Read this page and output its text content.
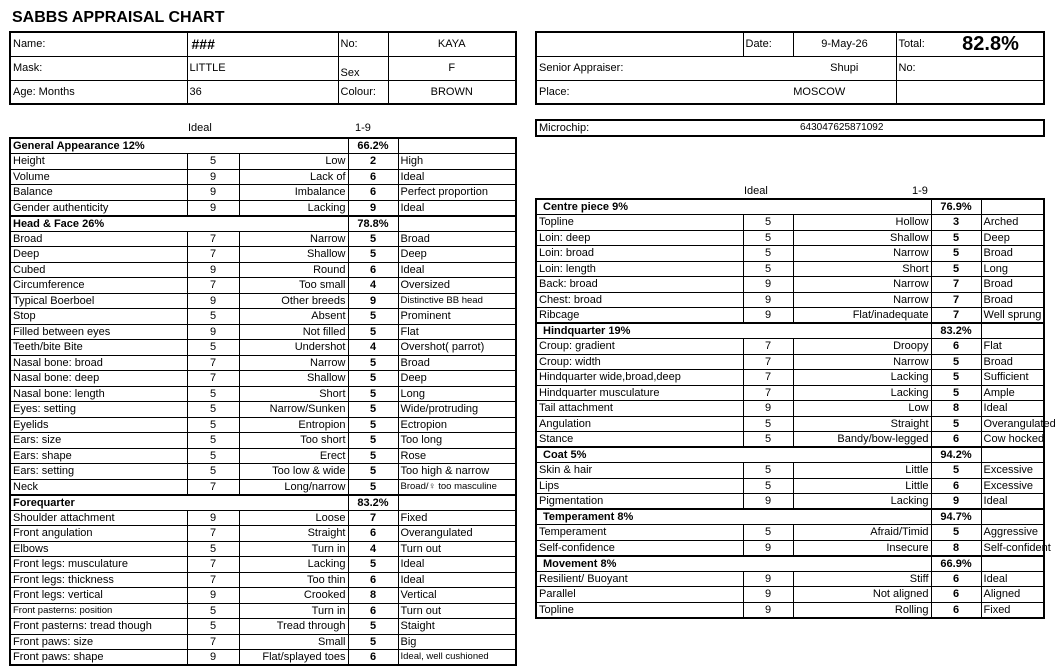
SABBS APPRAISAL CHART
Name:	###	No:	KAYA
Mask:	LITTLE	Sex	F
Age: Months	36	Colour:	BROWN
	Date:	9-May-26	Total:	82.8%
Senior Appraiser:		Shupi	No:	
Place:	MOSCOW			
Microchip:	643047625871092
Ideal	1-9
Ideal	1-9
General Appearance 12%			66.2%	
Height	5	Low	2	High
Volume	9	Lack of	6	Ideal
Balance	9	Imbalance	6	Perfect proportion
Gender authenticity	9	Lacking	9	Ideal
Head & Face 26%			78.8%	
Broad	7	Narrow	5	Broad
Deep	7	Shallow	5	Deep
Cubed	9	Round	6	Ideal
Circumference	7	Too small	4	Oversized
Typical Boerboel	9	Other breeds	9	Distinctive BB head
Stop	5	Absent	5	Prominent
Filled between eyes	9	Not filled	5	Flat
Teeth/bite Bite	5	Undershot	4	Overshot( parrot)
Nasal bone: broad	7	Narrow	5	Broad
Nasal bone: deep	7	Shallow	5	Deep
Nasal bone: length	5	Short	5	Long
Eyes: setting	5	Narrow/Sunken	5	Wide/protruding
Eyelids	5	Entropion	5	Ectropion
Ears: size	5	Too short	5	Too long
Ears: shape	5	Erect	5	Rose
Ears: setting	5	Too low & wide	5	Too high & narrow
Neck	7	Long/narrow	5	Broad/♀ too masculine
Forequarter			83.2%	
Shoulder attachment	9	Loose	7	Fixed
Front angulation	7	Straight	6	Overangulated
Elbows	5	Turn in	4	Turn out
Front legs: musculature	7	Lacking	5	Ideal
Front legs: thickness	7	Too thin	6	Ideal
Front legs: vertical	9	Crooked	8	Vertical
Front pasterns: position	5	Turn in	6	Turn out
Front pasterns: tread though	5	Tread through	5	Staight
Front paws: size	7	Small	5	Big
Front paws: shape	9	Flat/splayed toes	6	Ideal, well cushioned
Centre piece 9%			76.9%	
Topline	5	Hollow	3	Arched
Loin: deep	5	Shallow	5	Deep
Loin: broad	5	Narrow	5	Broad
Loin: length	5	Short	5	Long
Back: broad	9	Narrow	7	Broad
Chest: broad	9	Narrow	7	Broad
Ribcage	9	Flat/inadequate	7	Well sprung
Hindquarter 19%			83.2%	
Croup: gradient	7	Droopy	6	Flat
Croup: width	7	Narrow	5	Broad
Hindquarter wide,broad,deep	7	Lacking	5	Sufficient
Hindquarter musculature	7	Lacking	5	Ample
Tail attachment	9	Low	8	Ideal
Angulation	5	Straight	5	Overangulated
Stance	5	Bandy/bow-legged	6	Cow hocked
Coat 5%			94.2%	
Skin & hair	5	Little	5	Excessive
Lips	5	Little	6	Excessive
Pigmentation	9	Lacking	9	Ideal
Temperament 8%			94.7%	
Temperament	5	Afraid/Timid	5	Aggressive
Self-confidence	9	Insecure	8	Self-confident
Movement 8%			66.9%	
Resilient/ Buoyant	9	Stiff	6	Ideal
Parallel	9	Not aligned	6	Aligned
Topline	9	Rolling	6	Fixed
